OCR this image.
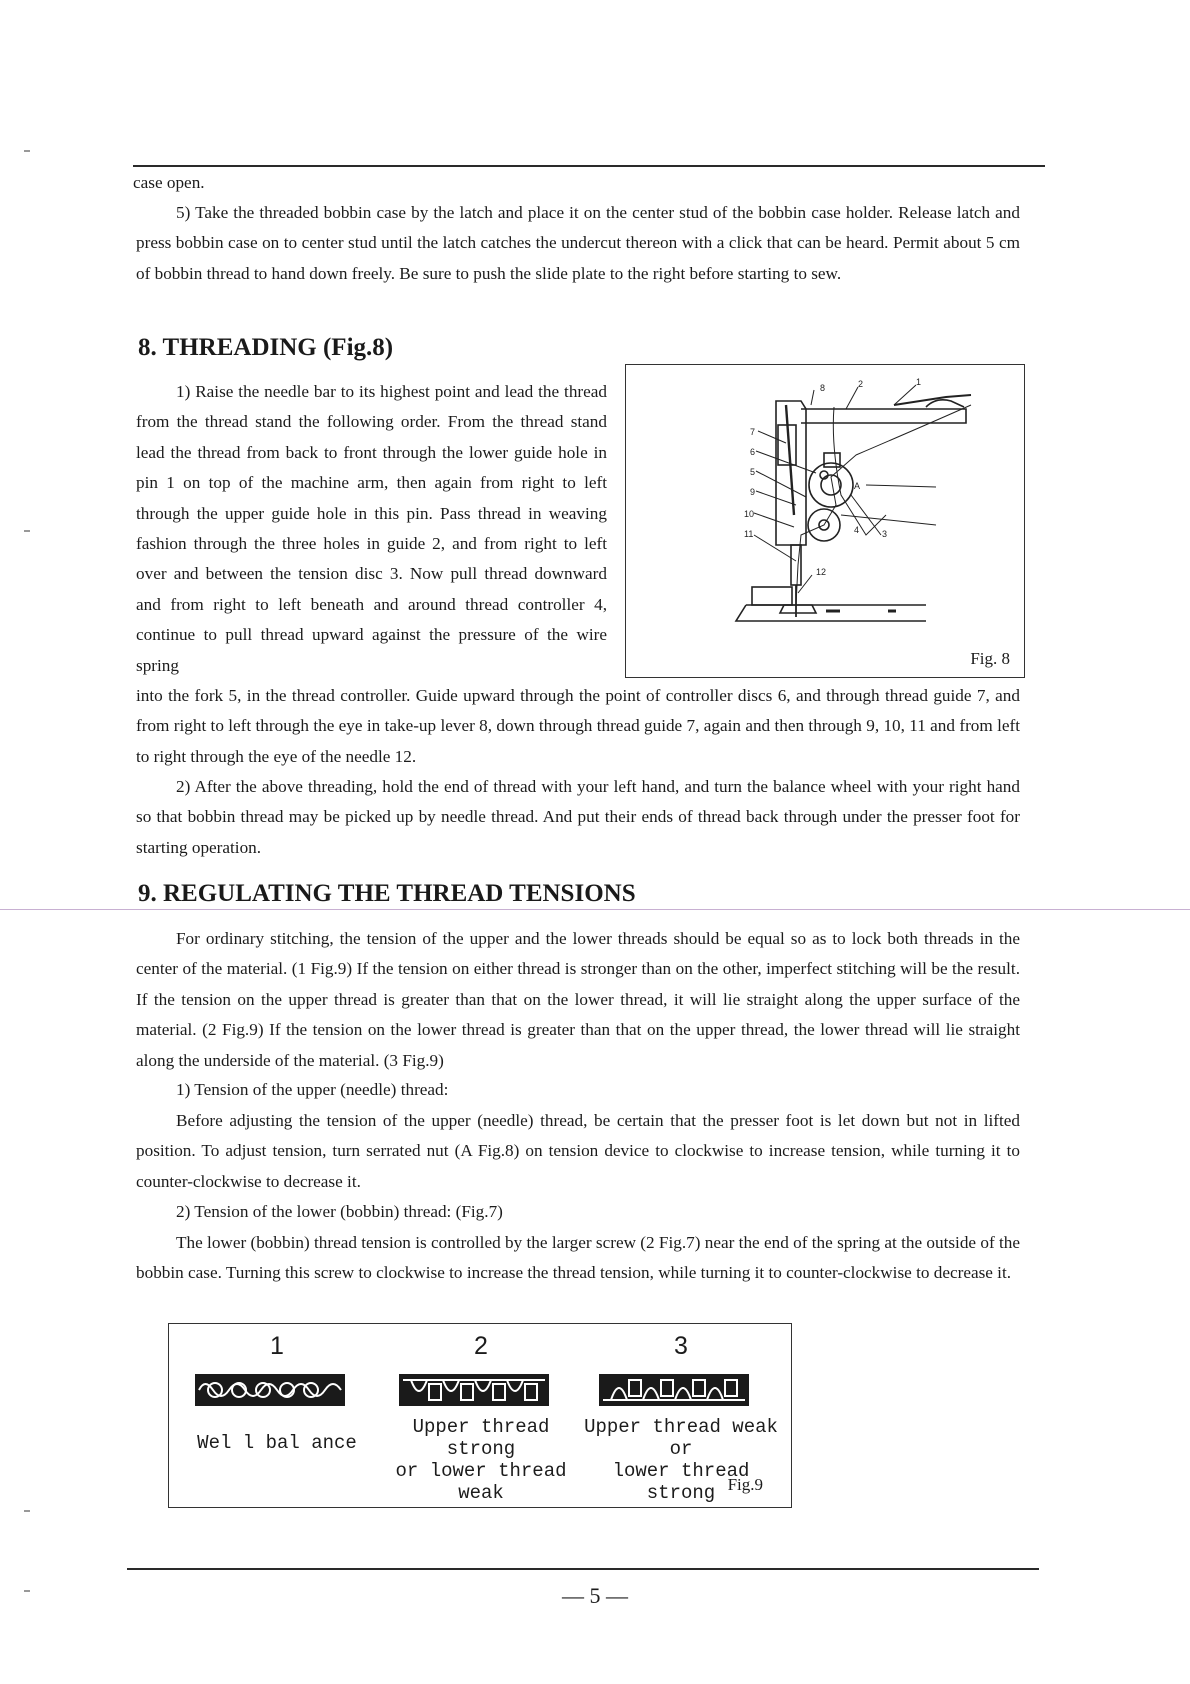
case open.

5) Take the threaded bobbin case by the latch and place it on the center stud of the bobbin case holder. Release latch and press bobbin case on to center stud until the latch catches the undercut thereon with a click that can be heard. Permit about 5 cm of bobbin thread to hand down freely. Be sure to push the slide plate to the right before starting to sew.

8. THREADING (Fig.8)

1) Raise the needle bar to its highest point and lead the thread from the thread stand the following order. From the thread stand lead the thread from back to front through the lower guide hole in pin 1 on top of the machine arm, then again from right to left through the upper guide hole in this pin. Pass thread in weaving fashion through the three holes in guide 2, and from right to left over and between the tension disc 3. Now pull thread downward and from right to left beneath and around thread controller 4, continue to pull thread upward against the pressure of the wire spring

8	2	1
7
6
A
5
9
10
4	3
11
12
Fig. 8

into the fork 5, in the thread controller. Guide upward through the point of controller discs 6, and through thread guide 7, and from right to left through the eye in take-up lever 8, down through thread guide 7, again and then through 9, 10, 11 and from left to right through the eye of the needle 12.

2) After the above threading, hold the end of thread with your left hand, and turn the balance wheel with your right hand so that bobbin thread may be picked up by needle thread. And put their ends of thread back through under the presser foot for starting operation.

9. REGULATING THE THREAD TENSIONS

For ordinary stitching, the tension of the upper and the lower threads should be equal so as to lock both threads in the center of the material. (1 Fig.9) If the tension on either thread is stronger than on the other, imperfect stitching will be the result. If the tension on the upper thread is greater than that on the lower thread, it will lie straight along the upper surface of the material. (2 Fig.9) If the tension on the lower thread is greater than that on the upper thread, the lower thread will lie straight along the underside of the material. (3 Fig.9)

1) Tension of the upper (needle) thread:

Before adjusting the tension of the upper (needle) thread, be certain that the presser foot is let down but not in lifted position. To adjust tension, turn serrated nut (A Fig.8) on tension device to clockwise to increase tension, while turning it to counter-clockwise to decrease it.

2) Tension of the lower (bobbin) thread: (Fig.7)

The lower (bobbin) thread tension is controlled by the larger screw (2 Fig.7) near the end of the spring at the outside of the bobbin case. Turning this screw to clockwise to increase the thread tension, while turning it to counter-clockwise to decrease it.

1
Wel l bal ance
2
Upper thread strong
or lower thread weak
3
Upper thread weak or
lower thread strong Fig.9
— 5 —
